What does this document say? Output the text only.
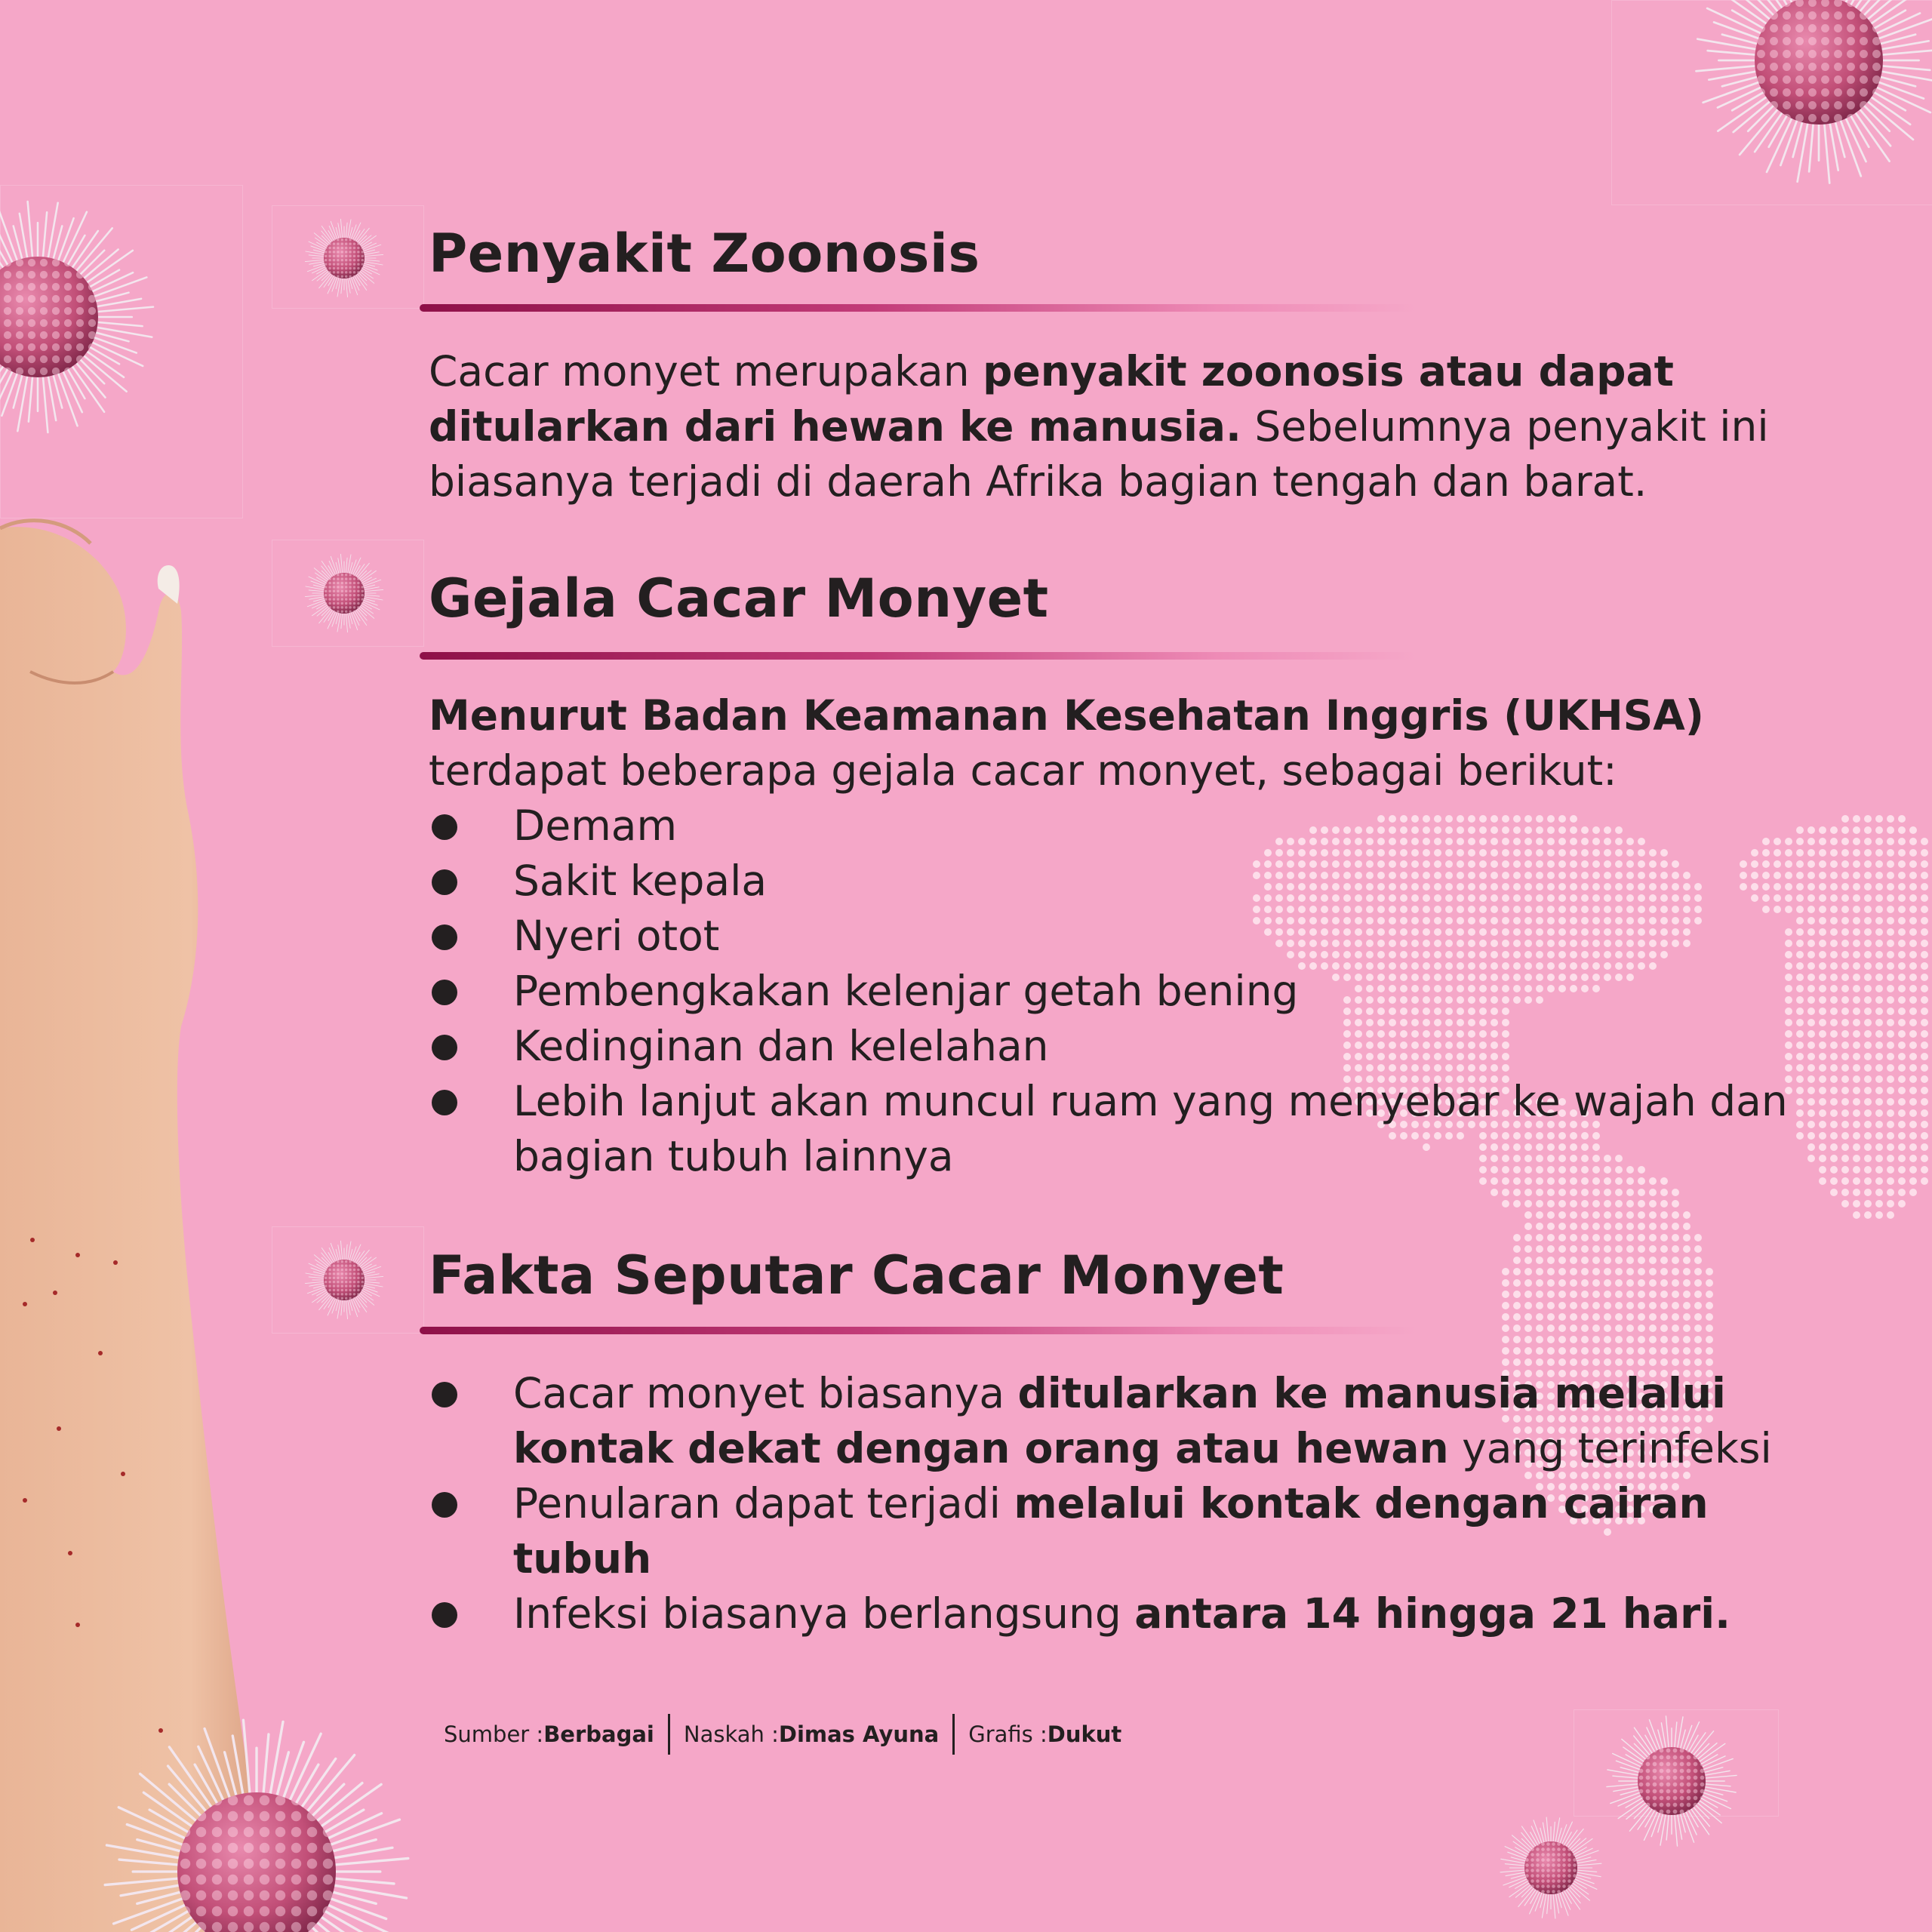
Penyakit Zoonosis

Cacar monyet merupakan penyakit zoonosis atau dapat ditularkan dari hewan ke manusia. Sebelumnya penyakit ini biasanya terjadi di daerah Afrika bagian tengah dan barat.

Gejala Cacar Monyet

Menurut Badan Keamanan Kesehatan Inggris (UKHSA) terdapat beberapa gejala cacar monyet, sebagai berikut:

Demam
Sakit kepala
Nyeri otot
Pembengkakan kelenjar getah bening
Kedinginan dan kelelahan
Lebih lanjut akan muncul ruam yang menyebar ke wajah dan bagian tubuh lainnya
Fakta Seputar Cacar Monyet
Cacar monyet biasanya ditularkan ke manusia melalui kontak dekat dengan orang atau hewan yang terinfeksi
Penularan dapat terjadi melalui kontak dengan cairan tubuh
Infeksi biasanya berlangsung antara 14 hingga 21 hari.
Sumber : Berbagai Naskah : Dimas Ayuna Grafis : Dukut
